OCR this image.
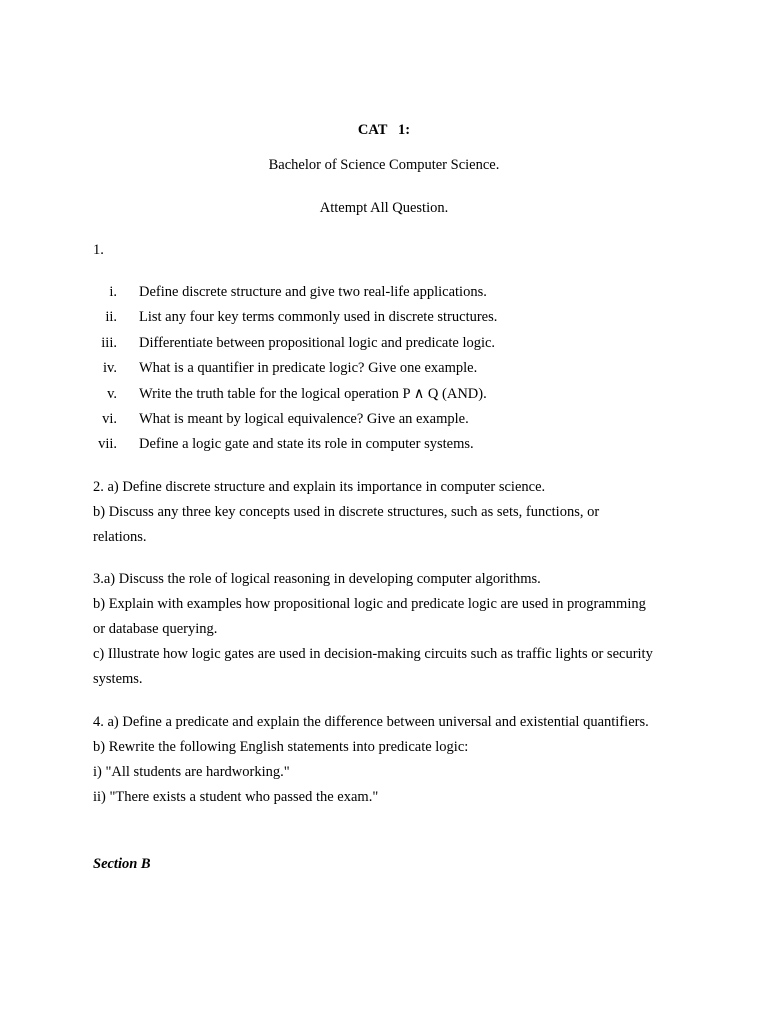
CAT   1:
Bachelor of Science Computer Science.
Attempt All Question.
1.
i. Define discrete structure and give two real-life applications.
ii. List any four key terms commonly used in discrete structures.
iii. Differentiate between propositional logic and predicate logic.
iv. What is a quantifier in predicate logic? Give one example.
v. Write the truth table for the logical operation P ∧ Q (AND).
vi. What is meant by logical equivalence? Give an example.
vii. Define a logic gate and state its role in computer systems.

2. a) Define discrete structure and explain its importance in computer science.

b) Discuss any three key concepts used in discrete structures, such as sets, functions, or relations.

3.a) Discuss the role of logical reasoning in developing computer algorithms.

b) Explain with examples how propositional logic and predicate logic are used in programming or database querying.

c) Illustrate how logic gates are used in decision-making circuits such as traffic lights or security systems.

4. a) Define a predicate and explain the difference between universal and existential quantifiers.

b) Rewrite the following English statements into predicate logic:

i) "All students are hardworking."

ii) "There exists a student who passed the exam."

Section B
